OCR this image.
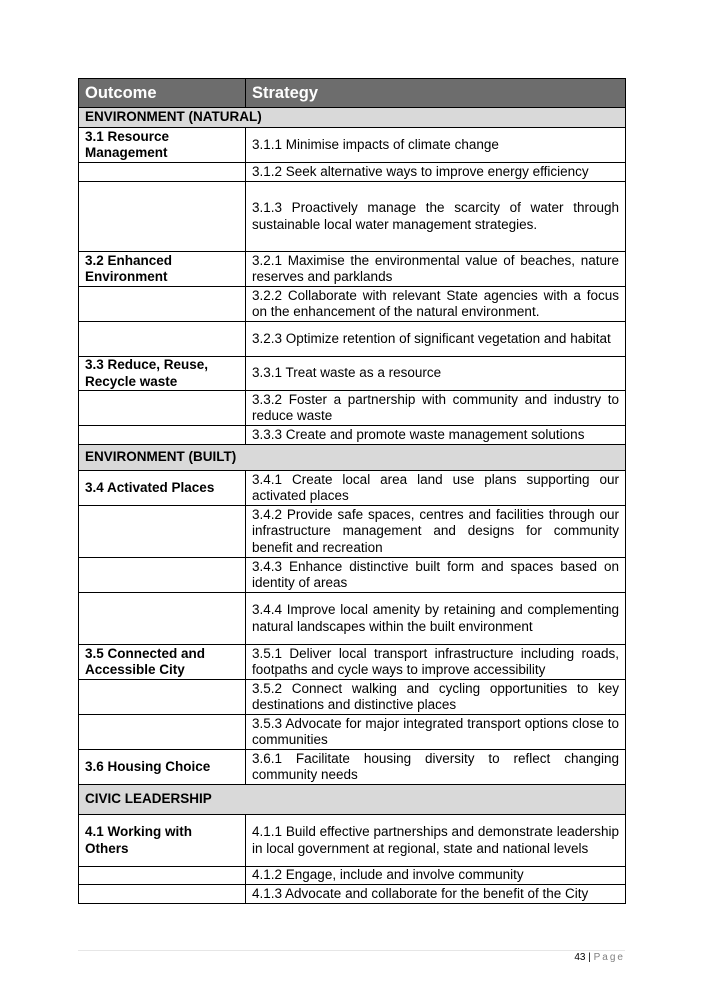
Outcome	Strategy
ENVIRONMENT (NATURAL)	
3.1 Resource Management	3.1.1 Minimise impacts of climate change
	3.1.2 Seek alternative ways to improve energy efficiency
	3.1.3 Proactively manage the scarcity of water through sustainable local water management strategies.
3.2 Enhanced Environment	3.2.1 Maximise the environmental value of beaches, nature reserves and parklands
	3.2.2 Collaborate with relevant State agencies with a focus on the enhancement of the natural environment.
	3.2.3 Optimize retention of significant vegetation and habitat
3.3 Reduce, Reuse, Recycle waste	3.3.1 Treat waste as a resource
	3.3.2 Foster a partnership with community and industry to reduce waste
	3.3.3 Create and promote waste management solutions
ENVIRONMENT (BUILT)	
3.4 Activated Places	3.4.1 Create local area land use plans supporting our activated places
	3.4.2 Provide safe spaces, centres and facilities through our infrastructure management and designs for community benefit and recreation
	3.4.3 Enhance distinctive built form and spaces based on identity of areas
	3.4.4 Improve local amenity by retaining and complementing natural landscapes within the built environment
3.5 Connected and Accessible City	3.5.1 Deliver local transport infrastructure including roads, footpaths and cycle ways to improve accessibility
	3.5.2 Connect walking and cycling opportunities to key destinations and distinctive places
	3.5.3 Advocate for major integrated transport options close to communities
3.6 Housing Choice	3.6.1 Facilitate housing diversity to reflect changing community needs
CIVIC LEADERSHIP	
4.1 Working with Others	4.1.1 Build effective partnerships and demonstrate leadership in local government at regional, state and national levels
	4.1.2 Engage, include and involve community
	4.1.3 Advocate and collaborate for the benefit of the City
43 | Page
